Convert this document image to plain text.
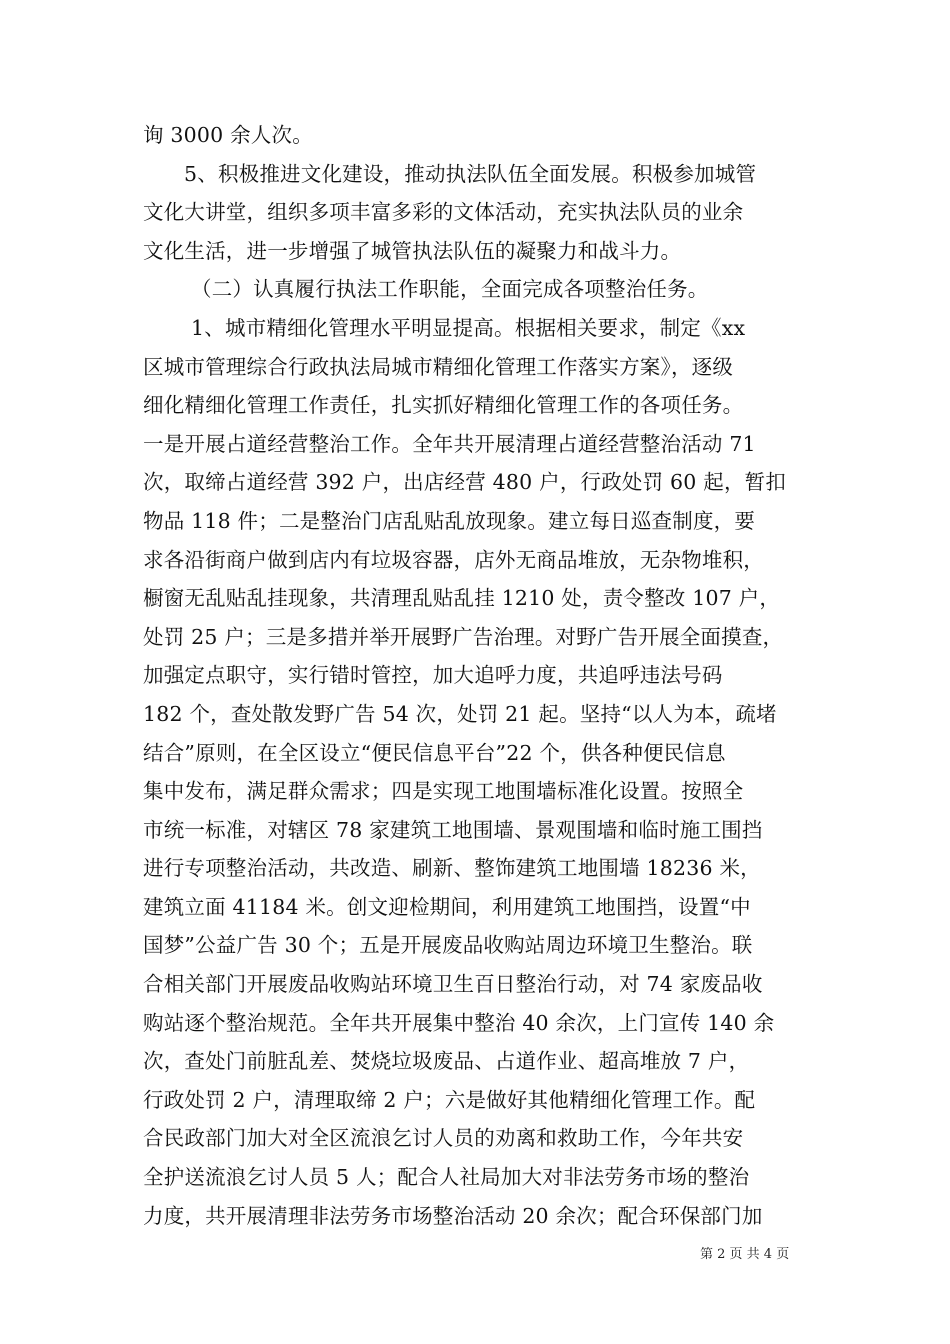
询 3000 余人次。
5、积极推进文化建设，推动执法队伍全面发展。积极参加城管
文化大讲堂，组织多项丰富多彩的文体活动，充实执法队员的业余
文化生活，进一步增强了城管执法队伍的凝聚力和战斗力。
（二）认真履行执法工作职能，全面完成各项整治任务。
1、城市精细化管理水平明显提高。根据相关要求，制定《xx
区城市管理综合行政执法局城市精细化管理工作落实方案》，逐级
细化精细化管理工作责任，扎实抓好精细化管理工作的各项任务。
一是开展占道经营整治工作。全年共开展清理占道经营整治活动 71
次，取缔占道经营 392 户，出店经营 480 户，行政处罚 60 起，暂扣
物品 118 件；二是整治门店乱贴乱放现象。建立每日巡查制度，要
求各沿街商户做到店内有垃圾容器，店外无商品堆放，无杂物堆积，
橱窗无乱贴乱挂现象，共清理乱贴乱挂 1210 处，责令整改 107 户，
处罚 25 户；三是多措并举开展野广告治理。对野广告开展全面摸查，
加强定点职守，实行错时管控，加大追呼力度，共追呼违法号码
182 个，查处散发野广告 54 次，处罚 21 起。坚持“以人为本，疏堵
结合”原则，在全区设立“便民信息平台”22 个，供各种便民信息
集中发布，满足群众需求；四是实现工地围墙标准化设置。按照全
市统一标准，对辖区 78 家建筑工地围墙、景观围墙和临时施工围挡
进行专项整治活动，共改造、刷新、整饰建筑工地围墙 18236 米，
建筑立面 41184 米。创文迎检期间，利用建筑工地围挡，设置“中
国梦”公益广告 30 个；五是开展废品收购站周边环境卫生整治。联
合相关部门开展废品收购站环境卫生百日整治行动，对 74 家废品收
购站逐个整治规范。全年共开展集中整治 40 余次，上门宣传 140 余
次，查处门前脏乱差、焚烧垃圾废品、占道作业、超高堆放 7 户，
行政处罚 2 户，清理取缔 2 户；六是做好其他精细化管理工作。配
合民政部门加大对全区流浪乞讨人员的劝离和救助工作，今年共安
全护送流浪乞讨人员 5 人；配合人社局加大对非法劳务市场的整治
力度，共开展清理非法劳务市场整治活动 20 余次；配合环保部门加
第 2 页 共 4 页
